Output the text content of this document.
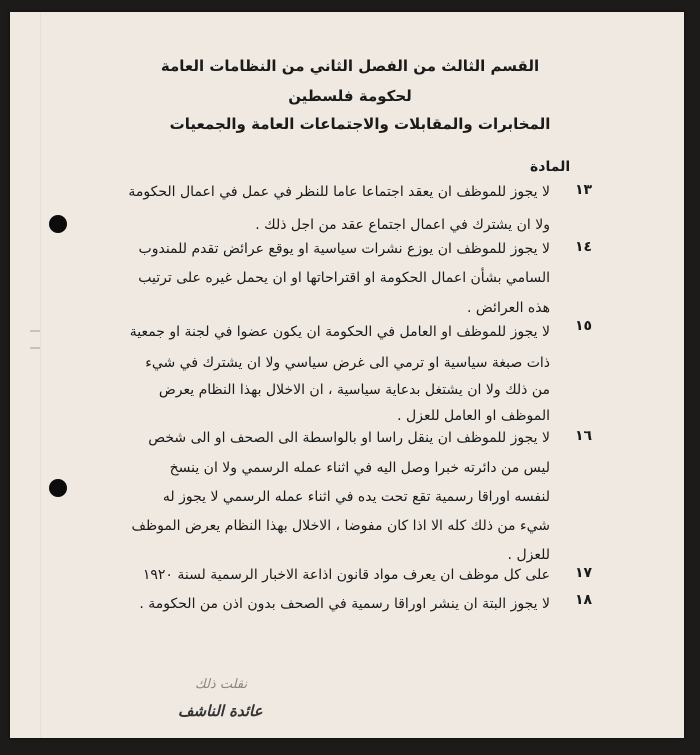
القسم الثالث من الفصل الثاني من النظامات العامة
لحكومة فلسطين
المخابرات والمقابلات والاجتماعات العامة والجمعيات
المادة
١٣
لا يجوز للموظف ان يعقد اجتماعا عاما للنظر في عمل في اعمال الحكومة
ولا ان يشترك في اعمال اجتماع عقد من اجل ذلك .
١٤
لا يجوز للموظف ان يوزع نشرات سياسية او يوقع عرائض تقدم للمندوب
السامي بشأن اعمال الحكومة او اقتراحاتها او ان يحمل غيره على ترتيب
هذه العرائض .
١٥
لا يجوز للموظف او العامل في الحكومة ان يكون عضوا في لجنة او جمعية
ذات صبغة سياسية او ترمي الى غرض سياسي ولا ان يشترك في شيء
من ذلك ولا ان يشتغل بدعاية سياسية ، ان الاخلال بهذا النظام يعرض
الموظف او العامل للعزل .
١٦
لا يجوز للموظف ان ينقل راسا او بالواسطة الى الصحف او الى شخص
ليس من دائرته خبرا وصل اليه في اثناء عمله الرسمي ولا ان ينسخ
لنفسه اوراقا رسمية تقع تحت يده في اثناء عمله الرسمي لا يجوز له
شيء من ذلك كله الا اذا كان مفوضا ، الاخلال بهذا النظام يعرض الموظف
للعزل .
١٧
على كل موظف ان يعرف مواد قانون اذاعة الاخبار الرسمية لسنة ١٩٢٠
١٨
لا يجوز البتة ان ينشر اوراقا رسمية في الصحف بدون اذن من الحكومة .
نقلت ذلك
عائدة الناشف
